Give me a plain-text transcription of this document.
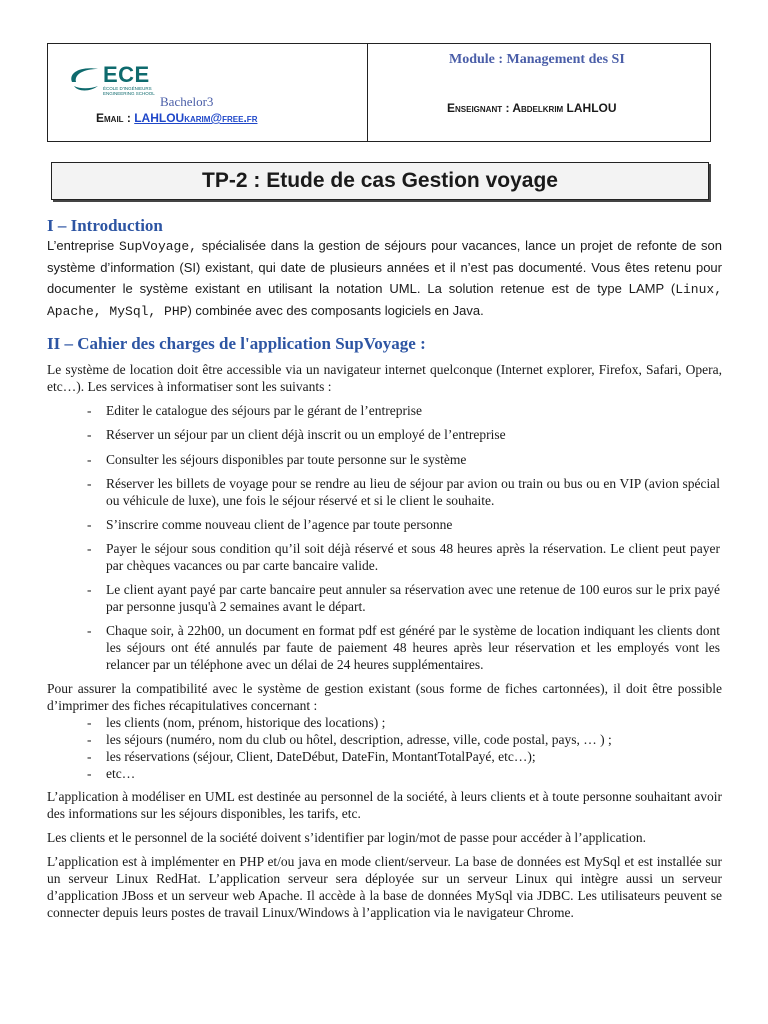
ECE
ÉCOLE D'INGÉNIEURS ENGINEERING SCHOOL
Bachelor3
Email : LAHLOUkarim@free.fr
Module : Management des SI
Enseignant : Abdelkrim LAHLOU
TP-2 : Etude de cas Gestion voyage
I – Introduction

L’entreprise SupVoyage, spécialisée dans la gestion de séjours pour vacances, lance un projet de refonte de son système d’information (SI) existant, qui date de plusieurs années et il n’est pas documenté. Vous êtes retenu pour documenter le système existant en utilisant la notation UML. La solution retenue est de type LAMP (Linux, Apache, MySql, PHP) combinée avec des composants logiciels en Java.

II – Cahier des charges de l'application SupVoyage :

Le système de location doit être accessible via un navigateur internet quelconque (Internet explorer, Firefox, Safari, Opera, etc…). Les services à informatiser sont les suivants :

- Editer le catalogue des séjours par le gérant de l’entreprise
- Réserver un séjour par un client déjà inscrit ou un employé de l’entreprise
- Consulter les séjours disponibles par toute personne sur le système
- Réserver les billets de voyage pour se rendre au lieu de séjour par avion ou train ou bus ou en VIP (avion spécial ou véhicule de luxe), une fois le séjour réservé et si le client le souhaite.
- S’inscrire comme nouveau client de l’agence par toute personne
- Payer le séjour sous condition qu’il soit déjà réservé et sous 48 heures après la réservation. Le client peut payer par chèques vacances ou par carte bancaire valide.
- Le client ayant payé par carte bancaire peut annuler sa réservation avec une retenue de 100 euros sur le prix payé par personne jusqu'à 2 semaines avant le départ.
- Chaque soir, à 22h00, un document en format pdf est généré par le système de location indiquant les clients dont les séjours ont été annulés par faute de paiement 48 heures après leur réservation et les employés vont les relancer par un téléphone avec un délai de 24 heures supplémentaires.

Pour assurer la compatibilité avec le système de gestion existant (sous forme de fiches cartonnées), il doit être possible d’imprimer des fiches récapitulatives concernant :

- les clients (nom, prénom, historique des locations) ;
- les séjours (numéro, nom du club ou hôtel, description, adresse, ville, code postal, pays, … ) ;
- les réservations (séjour, Client, DateDébut, DateFin, MontantTotalPayé, etc…);
- etc…

L’application à modéliser en UML est destinée au personnel de la société, à leurs clients et à toute personne souhaitant avoir des informations sur les séjours disponibles, les tarifs, etc.

Les clients et le personnel de la société doivent s’identifier par login/mot de passe pour accéder à l’application.

L’application est à implémenter en PHP et/ou java en mode client/serveur. La base de données est MySql et est installée sur un serveur Linux RedHat. L’application serveur sera déployée sur un serveur Linux qui intègre aussi un serveur d’application JBoss et un serveur web Apache. Il accède à la base de données MySql via JDBC. Les utilisateurs peuvent se connecter depuis leurs postes de travail Linux/Windows à l’application via le navigateur Chrome.
